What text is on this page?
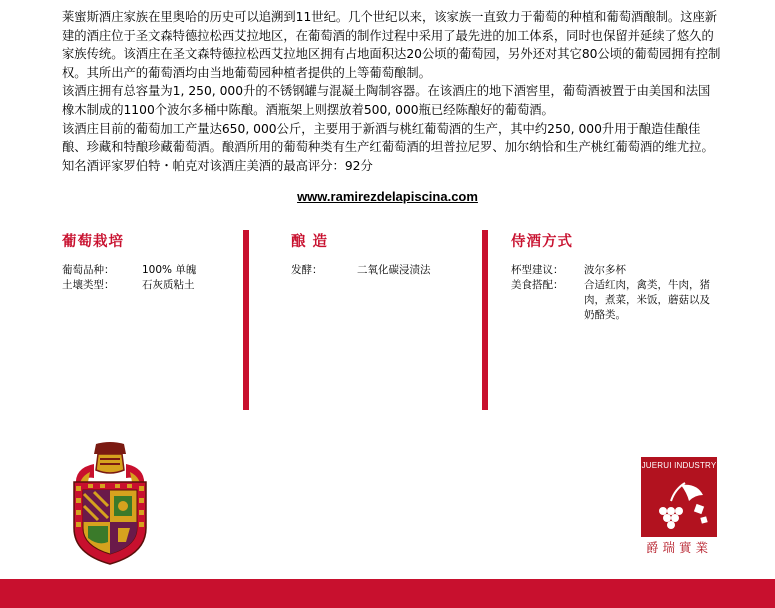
莱蜜斯酒庄家族在里奥哈的历史可以追溯到11世纪。几个世纪以来，该家族一直致力于葡萄的种植和葡萄酒酿制。这座新建的酒庄位于圣文森特德拉松西艾拉地区，在葡萄酒的制作过程中采用了最先进的加工体系，同时也保留并延续了悠久的家族传统。该酒庄在圣文森特德拉松西艾拉地区拥有占地面积达20公顷的葡萄园，另外还对其它80公顷的葡萄园拥有控制权。其所出产的葡萄酒均由当地葡萄园种植者提供的上等葡萄酿制。

该酒庄拥有总容量为1, 250, 000升的不锈钢罐与混凝土陶制容器。在该酒庄的地下酒窖里，葡萄酒被置于由美国和法国橡木制成的1100个波尔多桶中陈酿。酒瓶架上则摆放着500, 000瓶已经陈酿好的葡萄酒。

该酒庄目前的葡萄加工产量达650, 000公斤，主要用于新酒与桃红葡萄酒的生产，其中约250, 000升用于酿造佳酿佳酿、珍藏和特酿珍藏葡萄酒。酿酒所用的葡萄种类有生产红葡萄酒的坦普拉尼罗、加尔纳恰和生产桃红葡萄酒的维尤拉。知名酒评家罗伯特・帕克对该酒庄美酒的最高评分：92分

www.ramirezdelapiscina.com
葡萄栽培
葡萄品种：	100% 单魄
土壤类型：	石灰质粘土
酿 造
发酵：	二氧化碳浸渍法
侍酒方式
杯型建议：	波尔多杯
美食搭配：	合适红肉，禽类，牛肉，猪肉，煮菜，米饭，蘑菇以及奶酪类。
JUERUI INDUSTRY
爵瑞實業
